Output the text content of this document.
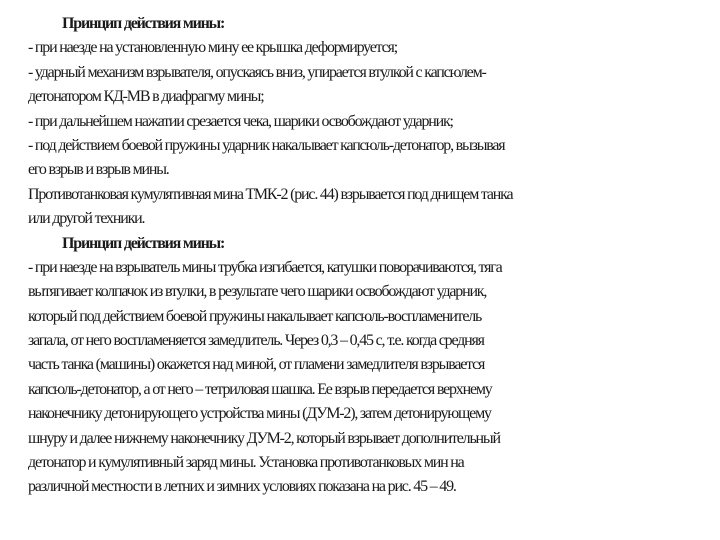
Принцип действия мины:
- при наезде на установленную мину ее крышка деформируется;
- ударный механизм взрывателя, опускаясь вниз, упирается втулкой с капсюлем-
детонатором КД-МВ в диафрагму мины;
- при дальнейшем нажатии срезается чека, шарики освобождают ударник;
- под действием боевой пружины ударник накалывает капсюль-детонатор, вызывая
его взрыв и взрыв мины.
Противотанковая кумулятивная мина ТМК-2 (рис. 44) взрывается под днищем танка
или другой техники.
Принцип действия мины:
- при наезде на взрыватель мины трубка изгибается, катушки поворачиваются, тяга
вытягивает колпачок из втулки, в результате чего шарики освобождают ударник,
который под действием боевой пружины накалывает капсюль-воспламенитель
запала, от него воспламеняется замедлитель. Через 0,3 – 0,45 с, т.е. когда средняя
часть танка (машины) окажется над миной, от пламени замедлителя взрывается
капсюль-детонатор, а от него – тетриловая шашка. Ее взрыв передается верхнему
наконечнику детонирующего устройства мины (ДУМ-2), затем детонирующему
шнуру и далее нижнему наконечнику ДУМ-2, который взрывает дополнительный
детонатор и кумулятивный заряд мины. Установка противотанковых мин на
различной местности в летних и зимних условиях показана на рис. 45 – 49.
